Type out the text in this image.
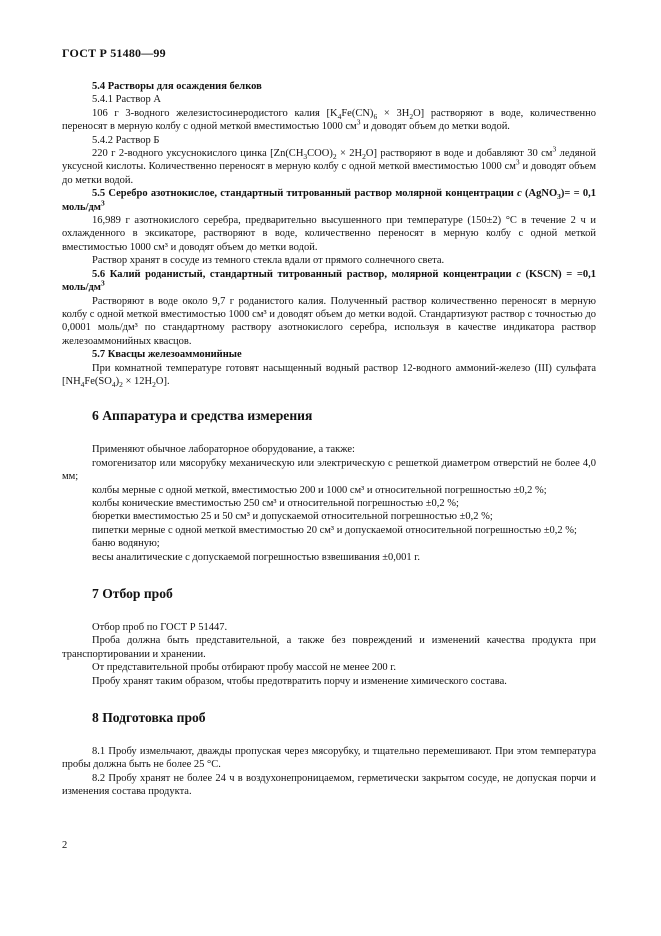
ГОСТ Р 51480—99

5.4 Растворы для осаждения белков

5.4.1 Раствор А

106 г 3-водного железистосинеродистого калия $[K_4Fe(CN)_6 \times 3H_2O]$ растворяют в воде, количественно переносят в мерную колбу с одной меткой вместимостью 1000 $см^3$ и доводят объем до метки водой.

5.4.2 Раствор Б

220 г 2-водного уксуснокислого цинка $[Zn(CH_3COO)_2 \times 2H_2O]$ растворяют в воде и добавляют 30 $см^3$ ледяной уксусной кислоты. Количественно переносят в мерную колбу с одной меткой вместимостью 1000 $см^3$ и доводят объем до метки водой.

5.5 Серебро азотнокислое, стандартный титрованный раствор молярной концентрации c (AgNO$_3$)= = 0,1 моль/$дм^3$

16,989 г азотнокислого серебра, предварительно высушенного при температуре (150±2) °С в течение 2 ч и охлажденного в эксикаторе, растворяют в воде, количественно переносят в мерную колбу с одной меткой вместимостью 1000 см³ и доводят объем до метки водой.

Раствор хранят в сосуде из темного стекла вдали от прямого солнечного света.

5.6 Калий роданистый, стандартный титрованный раствор, молярной концентрации c (KSCN) = =0,1 моль/$дм^3$

Растворяют в воде около 9,7 г роданистого калия. Полученный раствор количественно переносят в мерную колбу с одной меткой вместимостью 1000 см³ и доводят объем до метки водой. Стандартизуют раствор с точностью до 0,0001 моль/дм³ по стандартному раствору азотнокислого серебра, используя в качестве индикатора раствор железоаммонийных квасцов.

5.7 Квасцы железоаммонийные

При комнатной температуре готовят насыщенный водный раствор 12-водного аммоний-железо (III) сульфата $[NH_4Fe(SO_4)_2 \times 12H_2O]$.

6 Аппаратура и средства измерения

Применяют обычное лабораторное оборудование, а также:

гомогенизатор или мясорубку механическую или электрическую с решеткой диаметром отверстий не более 4,0 мм;

колбы мерные с одной меткой, вместимостью 200 и 1000 см³ и относительной погрешностью ±0,2 %;

колбы конические вместимостью 250 см³ и относительной погрешностью ±0,2 %;

бюретки вместимостью 25 и 50 см³ и допускаемой относительной погрешностью ±0,2 %;

пипетки мерные с одной меткой вместимостью 20 см³ и допускаемой относительной погрешностью ±0,2 %;

баню водяную;

весы аналитические с допускаемой погрешностью взвешивания ±0,001 г.

7 Отбор проб

Отбор проб по ГОСТ Р 51447.

Проба должна быть представительной, а также без повреждений и изменений качества продукта при транспортировании и хранении.

От представительной пробы отбирают пробу массой не менее 200 г.

Пробу хранят таким образом, чтобы предотвратить порчу и изменение химического состава.

8 Подготовка проб

8.1 Пробу измельчают, дважды пропуская через мясорубку, и тщательно перемешивают. При этом температура пробы должна быть не более 25 °С.

8.2 Пробу хранят не более 24 ч в воздухонепроницаемом, герметически закрытом сосуде, не допуская порчи и изменения состава продукта.

2
